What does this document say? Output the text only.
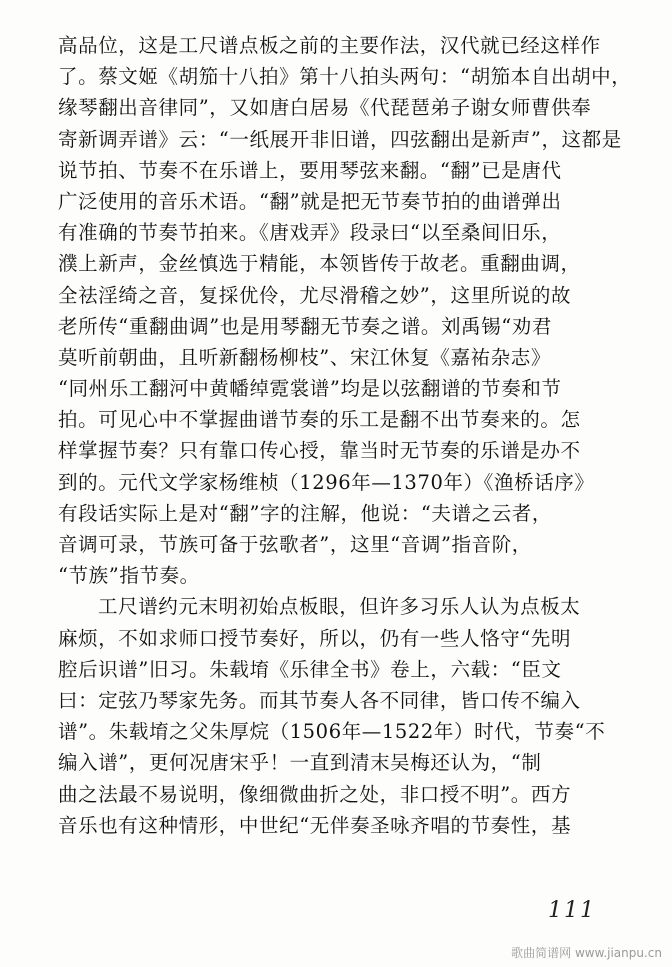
高品位，这是工尺谱点板之前的主要作法，汉代就已经这样作
了。蔡文姬《胡笳十八拍》第十八拍头两句：“胡笳本自出胡中，
缘琴翻出音律同”，又如唐白居易《代琵琶弟子谢女师曹供奉
寄新调弄谱》云：“一纸展开非旧谱，四弦翻出是新声”，这都是
说节拍、节奏不在乐谱上，要用琴弦来翻。“翻”已是唐代
广泛使用的音乐术语。“翻”就是把无节奏节拍的曲谱弹出
有准确的节奏节拍来。《唐戏弄》段录曰“以至桑间旧乐，
濮上新声，金丝慎选于精能，本领皆传于故老。重翻曲调，
全祛淫绮之音，复採优伶，尤尽滑稽之妙”，这里所说的故
老所传“重翻曲调”也是用琴翻无节奏之谱。刘禹锡“劝君
莫听前朝曲，且听新翻杨柳枝”、宋江休复《嘉祐杂志》
“同州乐工翻河中黄幡绰霓裳谱”均是以弦翻谱的节奏和节
拍。可见心中不掌握曲谱节奏的乐工是翻不出节奏来的。怎
样掌握节奏？只有靠口传心授，靠当时无节奏的乐谱是办不
到的。元代文学家杨维桢（1296年—1370年）《渔桥话序》
有段话实际上是对“翻”字的注解，他说：“夫谱之云者，
音调可录，节族可备于弦歌者”，这里“音调”指音阶，
“节族”指节奏。
工尺谱约元末明初始点板眼，但许多习乐人认为点板太
麻烦，不如求师口授节奏好，所以，仍有一些人恪守“先明
腔后识谱”旧习。朱载堉《乐律全书》卷上，六载：“臣文
曰：定弦乃琴家先务。而其节奏人各不同律，皆口传不编入
谱”。朱载堉之父朱厚烷（1506年—1522年）时代，节奏“不
编入谱”，更何况唐宋乎！一直到清末吴梅还认为，“制
曲之法最不易说明，像细微曲折之处，非口授不明”。西方
音乐也有这种情形，中世纪“无伴奏圣咏齐唱的节奏性，基
111
歌曲简谱网 www.jianpu.cn
